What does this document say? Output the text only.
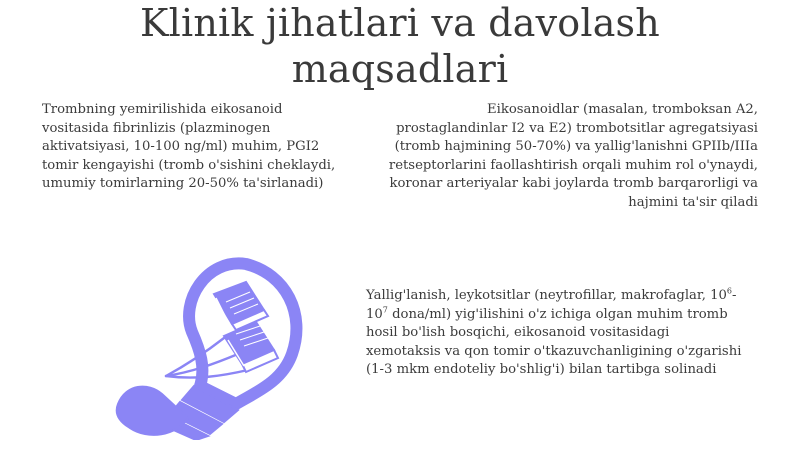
Klinik jihatlari va davolash
maqsadlari
Trombning yemirilishida eikosanoid vositasida fibrinlizis (plazminogen aktivatsiyasi, 10-100 ng/ml) muhim, PGI2 tomir kengayishi (tromb o'sishini cheklaydi, umumiy tomirlarning 20-50% ta'sirlanadi)
Eikosanoidlar (masalan, tromboksan A2, prostaglandinlar I2 va E2) trombotsitlar agregatsiyasi (tromb hajmining 50-70%) va yallig'lanishni GPIIb/IIIa retseptorlarini faollashtirish orqali muhim rol o'ynaydi, koronar arteriyalar kabi joylarda tromb barqarorligi va hajmini ta'sir qiladi
Yallig'lanish, leykotsitlar (neytrofillar, makrofaglar, $10^6-10^7$ dona/ml) yig'ilishini o'z ichiga olgan muhim tromb hosil bo'lish bosqichi, eikosanoid vositasidagi xemotaksis va qon tomir o'tkazuvchanligining o'zgarishi (1-3 mkm endoteliy bo'shlig'i) bilan tartibga solinadi
